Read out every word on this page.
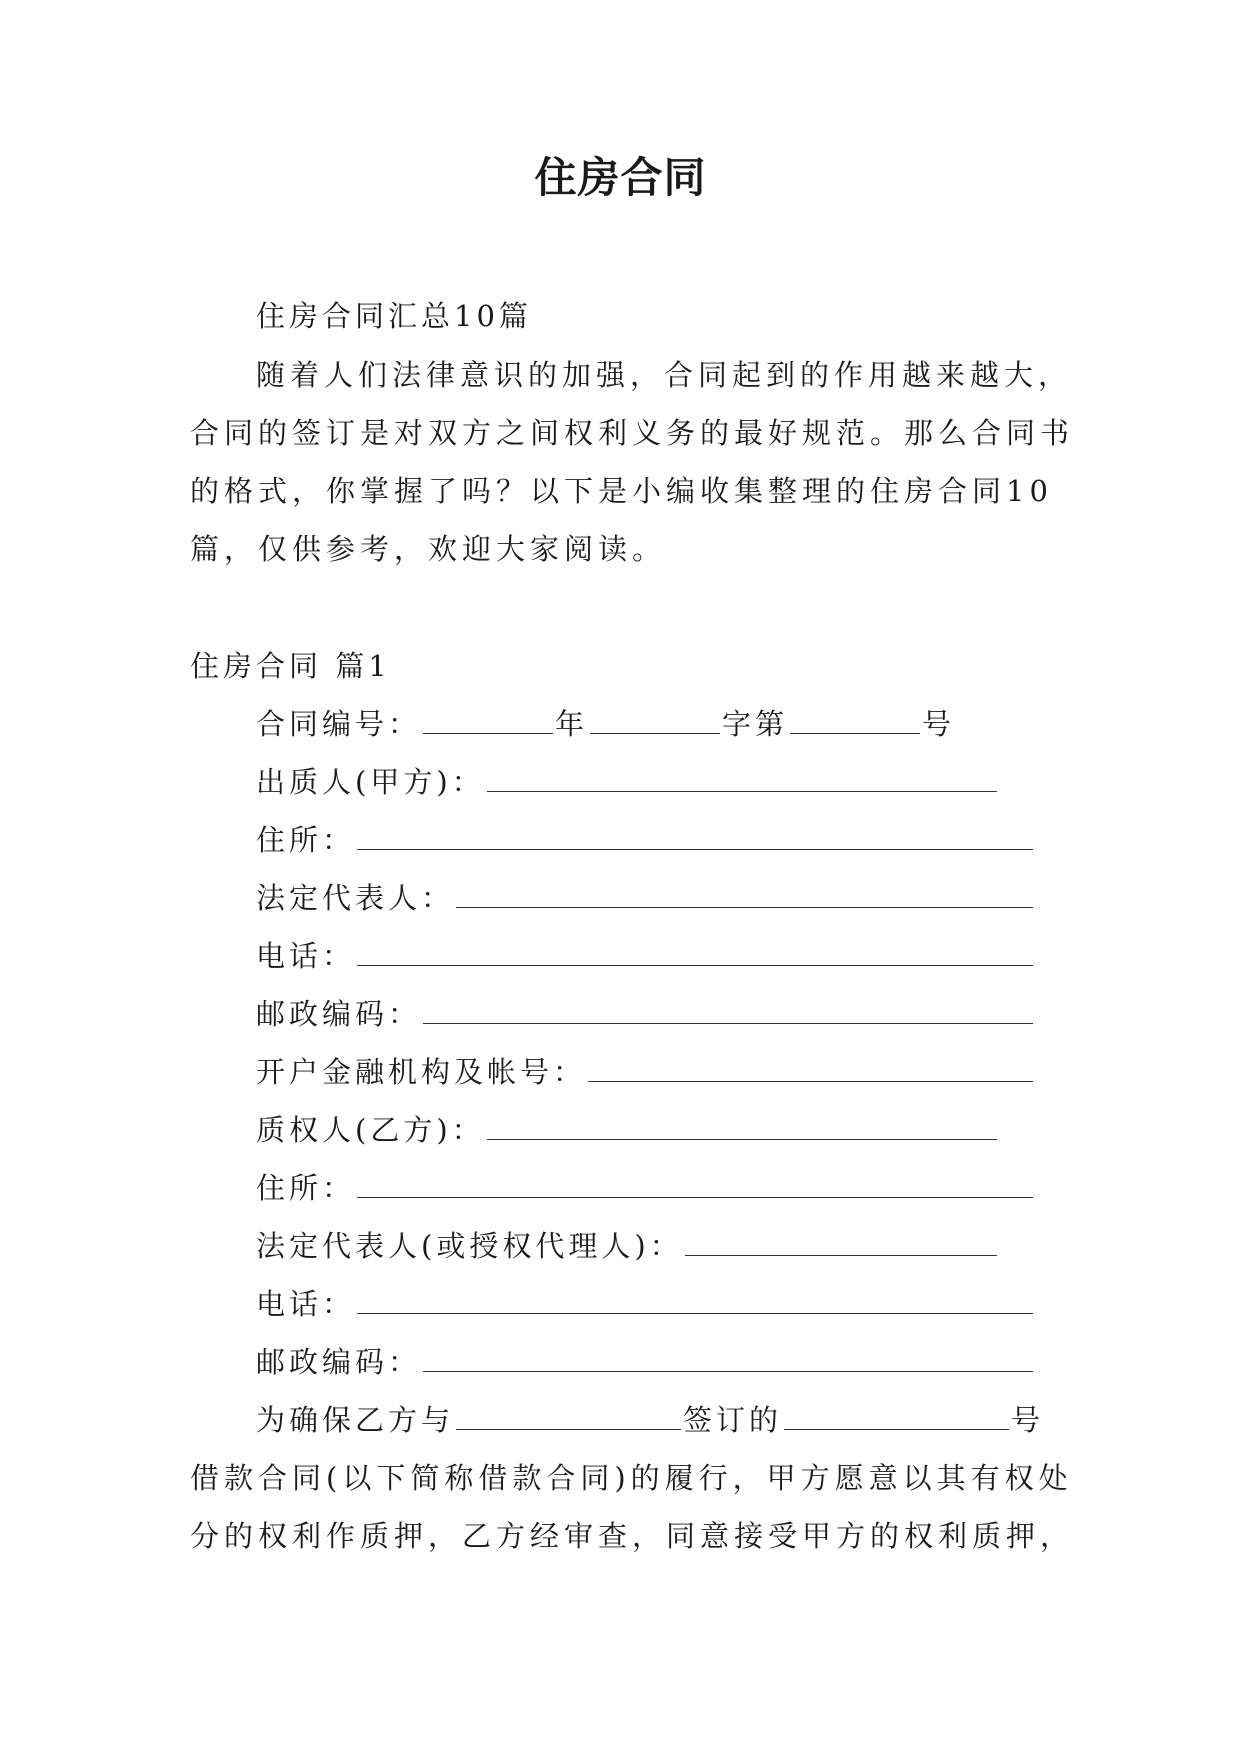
住房合同
住房合同汇总10篇
随着人们法律意识的加强，合同起到的作用越来越大，
合同的签订是对双方之间权利义务的最好规范。那么合同书
的格式，你掌握了吗？以下是小编收集整理的住房合同10
篇，仅供参考，欢迎大家阅读。
住房合同 篇1
合同编号：	年	字第	号
出质人(甲方)：
住所：
法定代表人：
电话：
邮政编码：
开户金融机构及帐号：
质权人(乙方)：
住所：
法定代表人(或授权代理人)：
电话：
邮政编码：
为确保乙方与	签订的	号
借款合同(以下简称借款合同)的履行，甲方愿意以其有权处
分的权利作质押，乙方经审查，同意接受甲方的权利质押，
